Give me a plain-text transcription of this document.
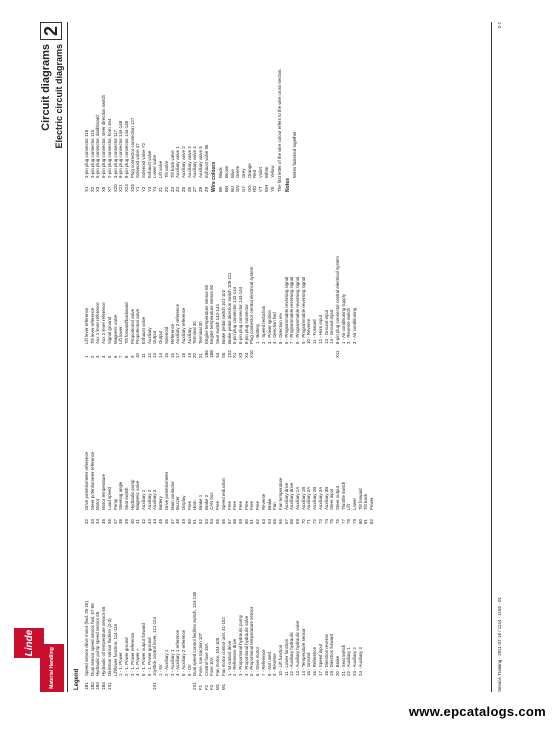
Material Handling
Circuit diagrams Electric circuit diagrams
2
Legend 1B1
Speed sensor drive motor (fwd. 25-26)
1B2
Dual sensor speed sensor fwd. 67-68
1B3
Hydraulic pump speed sensor 65
1B4
Hydraulic oil temperature sensor 65
1S1
Direction sensor fwd/rev (2-3) Lift/lower function, 114-116 1 - 1. Power 2 - 1. Power ground 3 - 1. Power reference 4 - 1. Power + 5 - 1. Power output forward 6 - 1. Power ground
1S1
Joystick control lever, 121-124 1 - 5V 2 - Auxiliary 1 3 - Auxiliary 1 4 - Auxiliary 1 reference 5 - Auxiliary 2 reference 6 - 0V
2S1
Dual speed control fwd/rev switch, 134-138
F1
Fuse, tow traction 107
F2
Control fuse 15A
F3
Fuse 10A
M1
Fan motor, 104-105
M1
Fan motor control unit, 41-102 1 - M control drive 2 - Reference drive 3 - Proportional hydraulic pump 4 - Proportional hydraulic valve 5 - Proportional temperature sensor 6 - Drive motor 7 - Reference 8 - Not used 9 - Reverse 10 - Lift function 11 - Lower function 12 - Auxiliary hydraulic 13 - Auxiliary hydraulic valve 14 - Temperature sensor 15 - Ground 16 - Reference 17 - Speed input 18 - Direction reverse 19 - Direction forward 20 - Brake 21 - Seat switch 22 - Auxiliary 1 23 - Auxiliary 2 24 - Auxiliary 3
32
Drive potentiometer reference
33
Steer potentiometer reference
34
Motor
35
Motor temperature
36
Load speed
37
Pump
38
Steering angle
39
Seat switch
40
Hydraulic pump
41
Magnetic valve
42
Auxiliary 1
43
Auxiliary 2
44
Auxiliary 3
45
Battery
46
Drive potentiometer
47
Main contactor
48
Buzzer
49
Display
50
Free
51
Horn
52
Brake 1
53
Brake 2
54
CAN bus
55
Free
56
Speed reduction
57
Free
58
Free
59
Free
60
Free
61
Free
62
Free
63
Reverse
64
Brake
65
Fan
66
Fan temperature
67
Auxiliary drive
68
Auxiliary drive
69
Auxiliary 1A
70
Auxiliary 1B
71
Auxiliary 2A
72
Auxiliary 2B
73
Auxiliary 3A
74
Auxiliary 3B
75
Steer input
76
Steer output
77
Throttle switch
78
Lift
79
Lower
80
Tilt forward
81
Tilt back
82
Power
1
Lift lever reference
2
Tilt lever reference
3
Aux 1 lever reference
4
Aux 2 lever reference
5
Signal ground
6
Magnetic valve
7
Lift lower
8
Tilt forward/backward
9
Proportional valve
10
Proportional valve
11
Exhaust valve
12
Auxiliary
13
Output
14
Output
15
Solenoid
16
Reference
17
Auxiliary 2 reference
18
Auxiliary reference
19
Auxiliary
20
Terminal 30
21
Terminal 30
1B6
Engine temperature sensor 60
1B8
Engine temperature sensor 60
S4
Seat switch 143-144
S5
Brake pedal switch 101-102
1S2
Brake pedal direction switch 105-111
X1
6-pin plug connector 143-144
X3
6-pin plug connector 143-144
X4
8-pin plug connector
X10
Plug connector central electrical system 1 - Battery 2 - Speed reduction 3 - Power ignition 4 - Direction fwd 5 - Direction rev 6 - Programmable reversing signal 7 - Programmable reversing signal 8 - Programmable reversing signal 9 - Programmable reversing signal 10 - Reverse 11 - Forward 12 - Horn input 13 - Ground input 14 - Ground input
X11
8-pin plug connector central electrical system 1 - Air conditioning supply 2 - Reverse switch 3 - Air conditioning
X1
3-pin plug connector 118
X2
3-pin plug connector 119
X3
6-pin plug connector, dashboard
X5
6-pin plug connector, steer direction switch
X7
2-pin plug connector, horn 154
X20
3-pin plug connector 117
X21
8-pin plug connector 144-148
X24
8-pin plug connector 144-148
X25
Plug connector connection 127
Y1
Solenoid valve 47
Y2
Solenoid valve Y2
Y3
Exhaust valve
Y4
Lower valve
Z1
Lift valve
Z2
Tilt valve
Z3
Tilt back valve
Z4
Auxiliary valve 1
Z5
Auxiliary valve 2
Z6
Auxiliary valve 3
Z7
Auxiliary valve 4
Z8
Auxiliary valve 5
Z9
Exhaust valve 96 Wire colours BK
Black
BN
Brown
BU
Blue
GN
Green
GY
Grey
OG
Orange
RD
Red
VT
Violet
WH
White
YE
Yellow The first letter of the wire colour refers to the wire cross-section. Notes
Wires fastened together
Service Training - 2011-07-18 / 1144 - 1165 - 01
2-7
Linde
www.epcatalogs.com
